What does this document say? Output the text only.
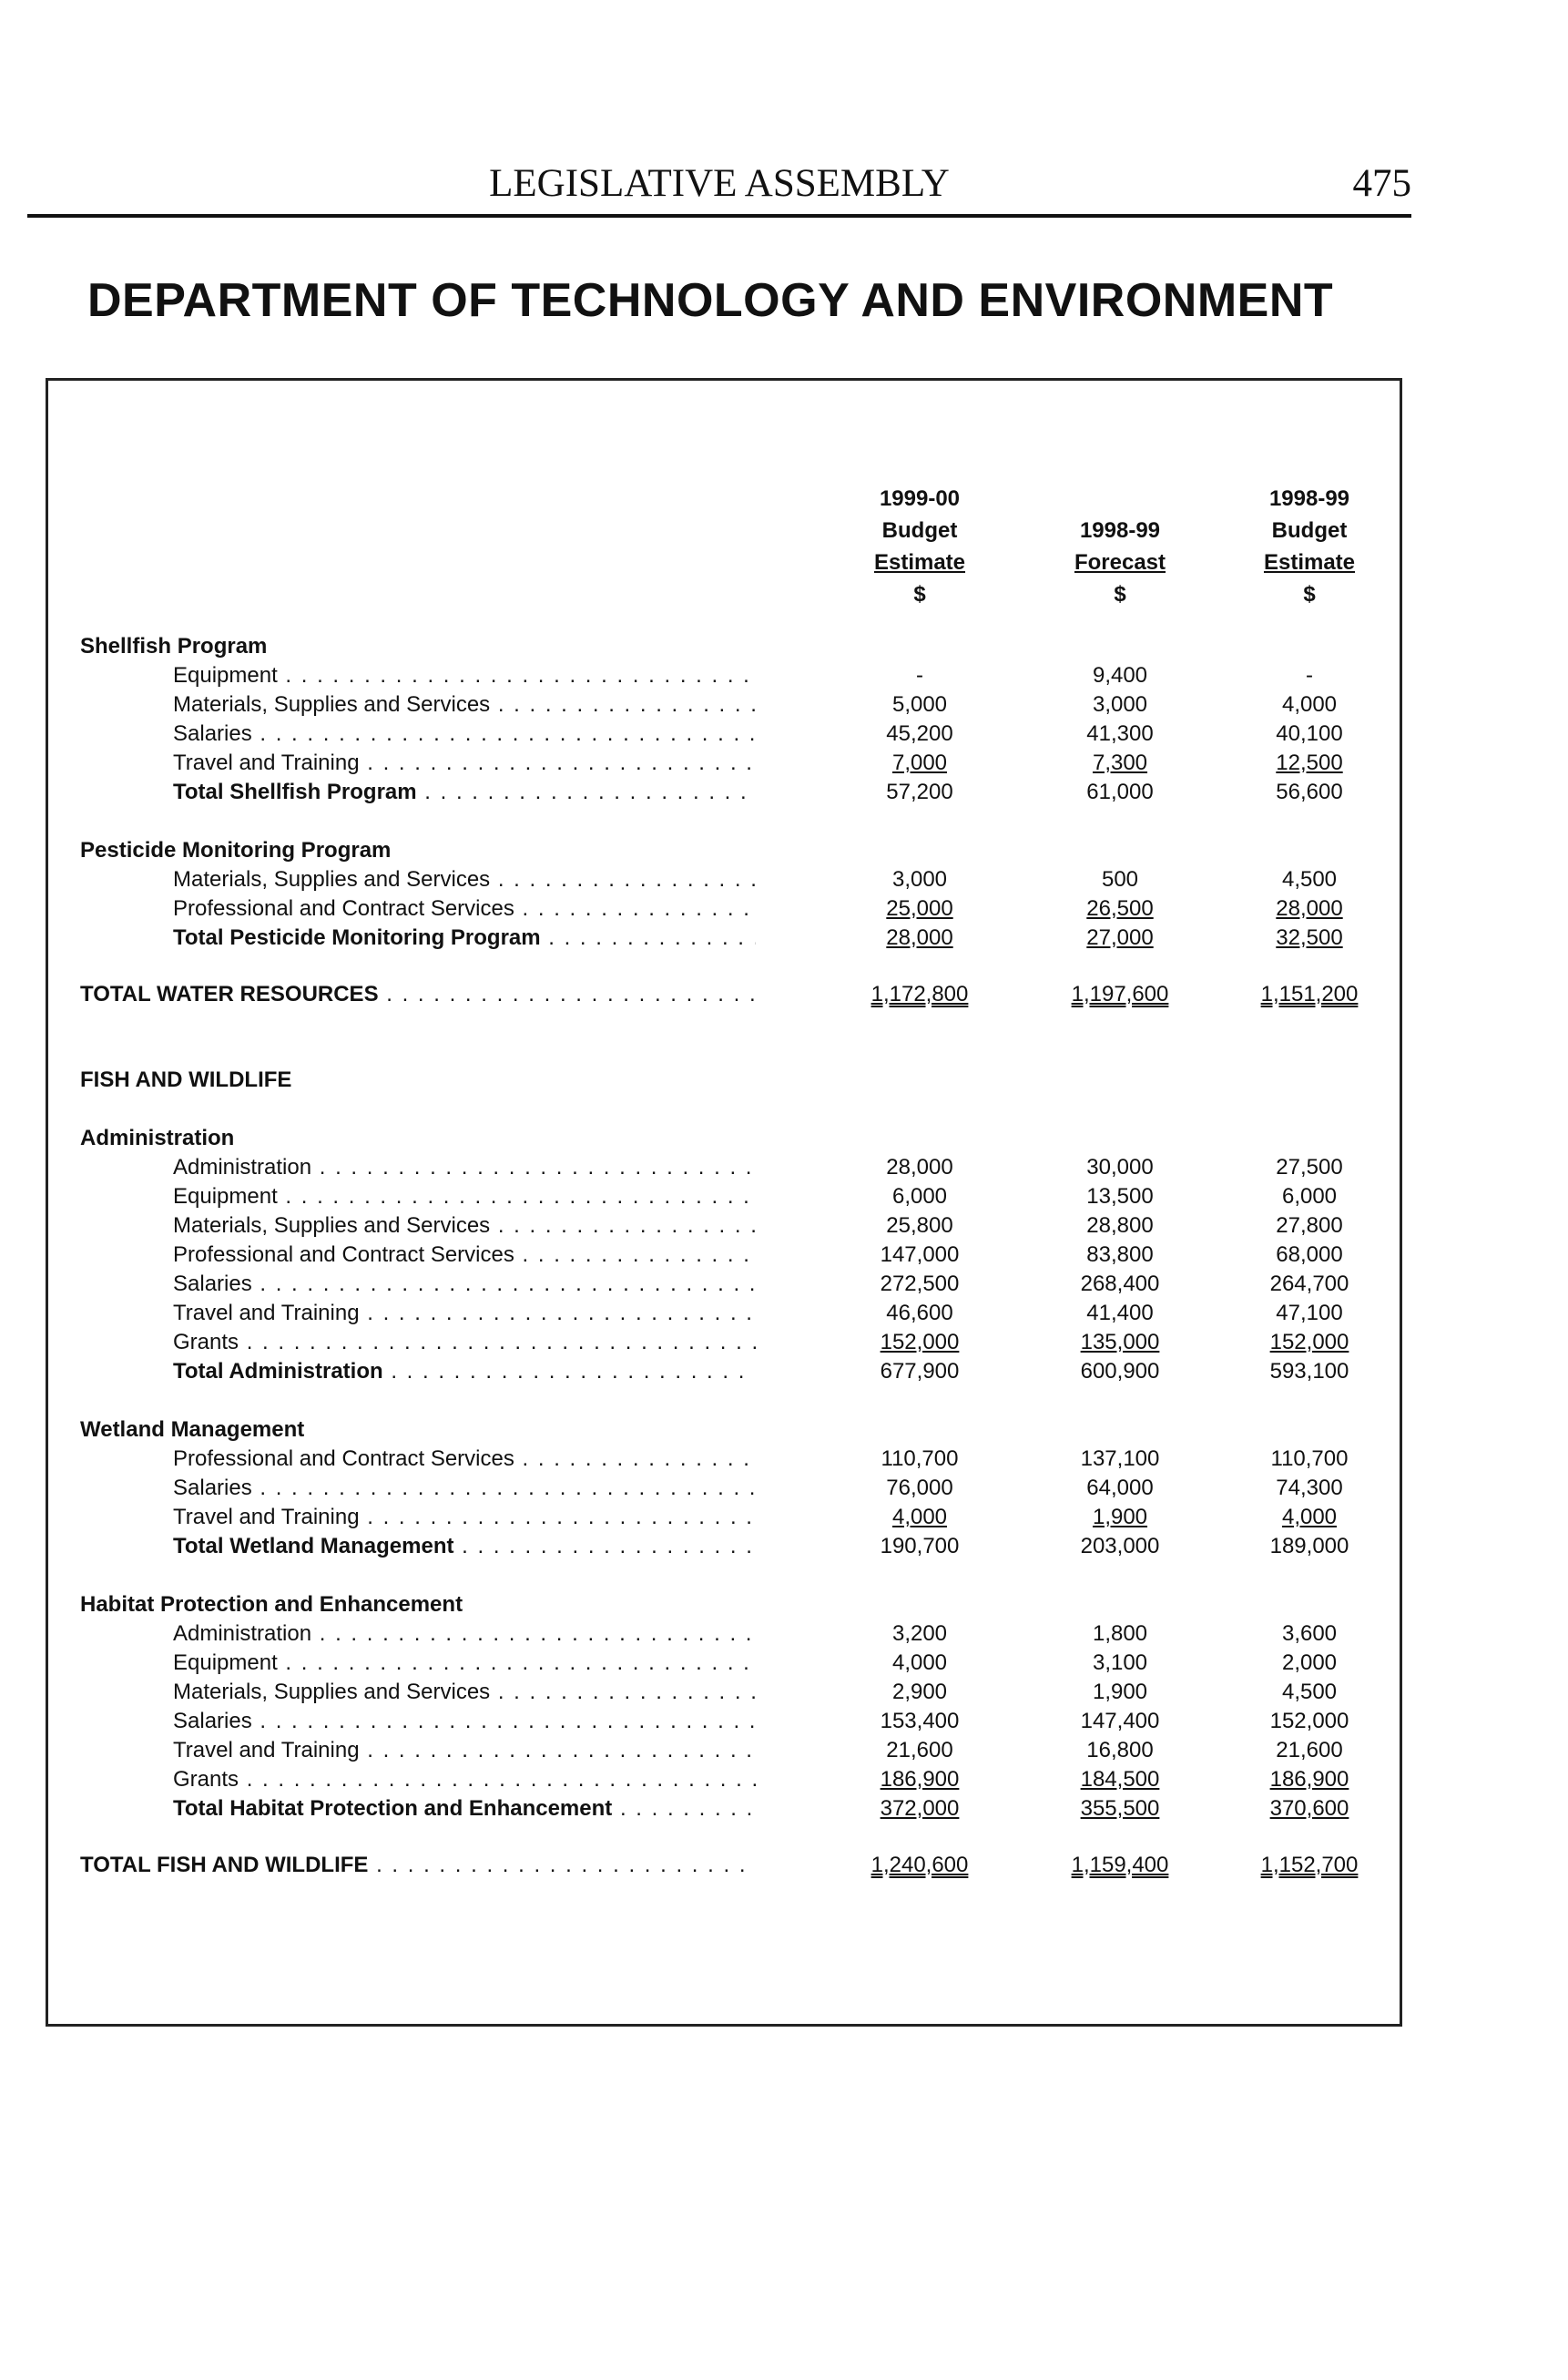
LEGISLATIVE ASSEMBLY	475
DEPARTMENT OF TECHNOLOGY AND ENVIRONMENT
1999-00
Budget
Estimate
$

1998-99
Forecast
$
1998-99
Budget
Estimate
$
Shellfish Program
Equipment . . .	-	9,400	-
Materials, Supplies and Services . . .	5,000	3,000	4,000
Salaries . . .	45,200	41,300	40,100
Travel and Training . . .	7,000	7,300	12,500
Total Shellfish Program . . .	57,200	61,000	56,600
Pesticide Monitoring Program
Materials, Supplies and Services . . .	3,000	500	4,500
Professional and Contract Services . . .	25,000	26,500	28,000
Total Pesticide Monitoring Program . . .	28,000	27,000	32,500
TOTAL WATER RESOURCES . . .	1,172,800	1,197,600	1,151,200
FISH AND WILDLIFE
Administration
Administration . . .	28,000	30,000	27,500
Equipment . . .	6,000	13,500	6,000
Materials, Supplies and Services . . .	25,800	28,800	27,800
Professional and Contract Services . . .	147,000	83,800	68,000
Salaries . . .	272,500	268,400	264,700
Travel and Training . . .	46,600	41,400	47,100
Grants . . .	152,000	135,000	152,000
Total Administration . . .	677,900	600,900	593,100
Wetland Management
Professional and Contract Services . . .	110,700	137,100	110,700
Salaries . . .	76,000	64,000	74,300
Travel and Training . . .	4,000	1,900	4,000
Total Wetland Management . . .	190,700	203,000	189,000
Habitat Protection and Enhancement
Administration . . .	3,200	1,800	3,600
Equipment . . .	4,000	3,100	2,000
Materials, Supplies and Services . . .	2,900	1,900	4,500
Salaries . . .	153,400	147,400	152,000
Travel and Training . . .	21,600	16,800	21,600
Grants . . .	186,900	184,500	186,900
Total Habitat Protection and Enhancement . . .	372,000	355,500	370,600
TOTAL FISH AND WILDLIFE . . .	1,240,600	1,159,400	1,152,700
